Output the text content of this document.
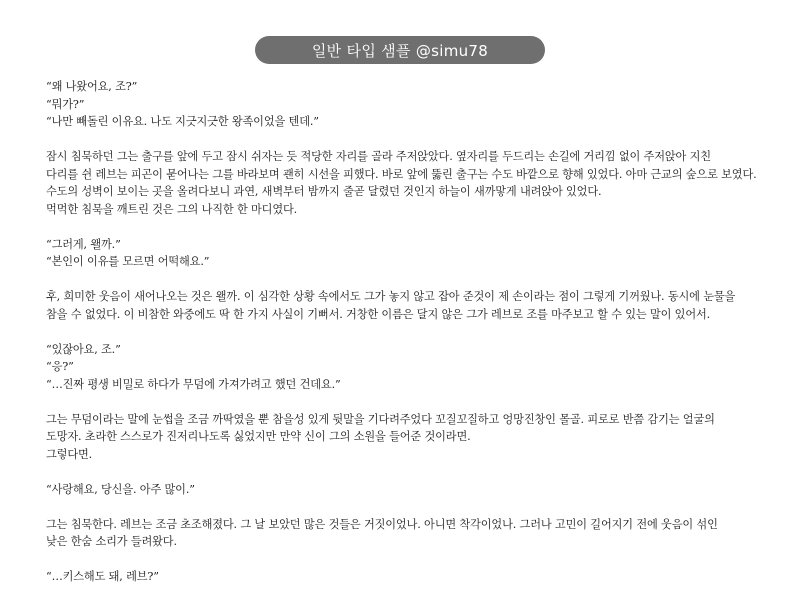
일반 타입 샘플 @simu78

“왜 나왔어요, 조?”
“뭐가?”
“나만 빼돌린 이유요. 나도 지긋지긋한 왕족이었을 텐데.”

잠시 침묵하던 그는 출구를 앞에 두고 잠시 쉬자는 듯 적당한 자리를 골라 주저앉았다. 옆자리를 두드리는 손길에 거리낌 없이 주저앉아 지친
다리를 쉰 레브는 피곤이 묻어나는 그를 바라보며 괜히 시선을 피했다. 바로 앞에 뚫린 출구는 수도 바깥으로 향해 있었다. 아마 근교의 숲으로 보였다.
수도의 성벽이 보이는 곳을 올려다보니 과연, 새벽부터 밤까지 줄곧 달렸던 것인지 하늘이 새까맣게 내려앉아 있었다.
먹먹한 침묵을 깨트린 것은 그의 나직한 한 마디였다.

“그러게, 왤까.”
“본인이 이유를 모르면 어떡해요.”

후, 희미한 웃음이 새어나오는 것은 왤까. 이 심각한 상황 속에서도 그가 놓지 않고 잡아 준것이 제 손이라는 점이 그렇게 기꺼웠나. 동시에 눈물을
참을 수 없었다. 이 비참한 와중에도 딱 한 가지 사실이 기뻐서. 거창한 이름은 달지 않은 그가 레브로 조를 마주보고 할 수 있는 말이 있어서.

“있잖아요, 조.”
“응?”
“…진짜 평생 비밀로 하다가 무덤에 가져가려고 했던 건데요.”

그는 무덤이라는 말에 눈썹을 조금 까딱였을 뿐 참을성 있게 뒷말을 기다려주었다 꼬질꼬질하고 엉망진창인 몰골. 피로로 반쯤 감기는 얼굴의
도망자. 초라한 스스로가 진저리나도록 싫었지만 만약 신이 그의 소원을 들어준 것이라면.
그렇다면.

“사랑해요, 당신을. 아주 많이.”

그는 침묵한다. 레브는 조금 초조해졌다. 그 날 보았던 많은 것들은 거짓이었나. 아니면 착각이었나. 그러나 고민이 길어지기 전에 웃음이 섞인
낮은 한숨 소리가 들려왔다.

“…키스해도 돼, 레브?”
